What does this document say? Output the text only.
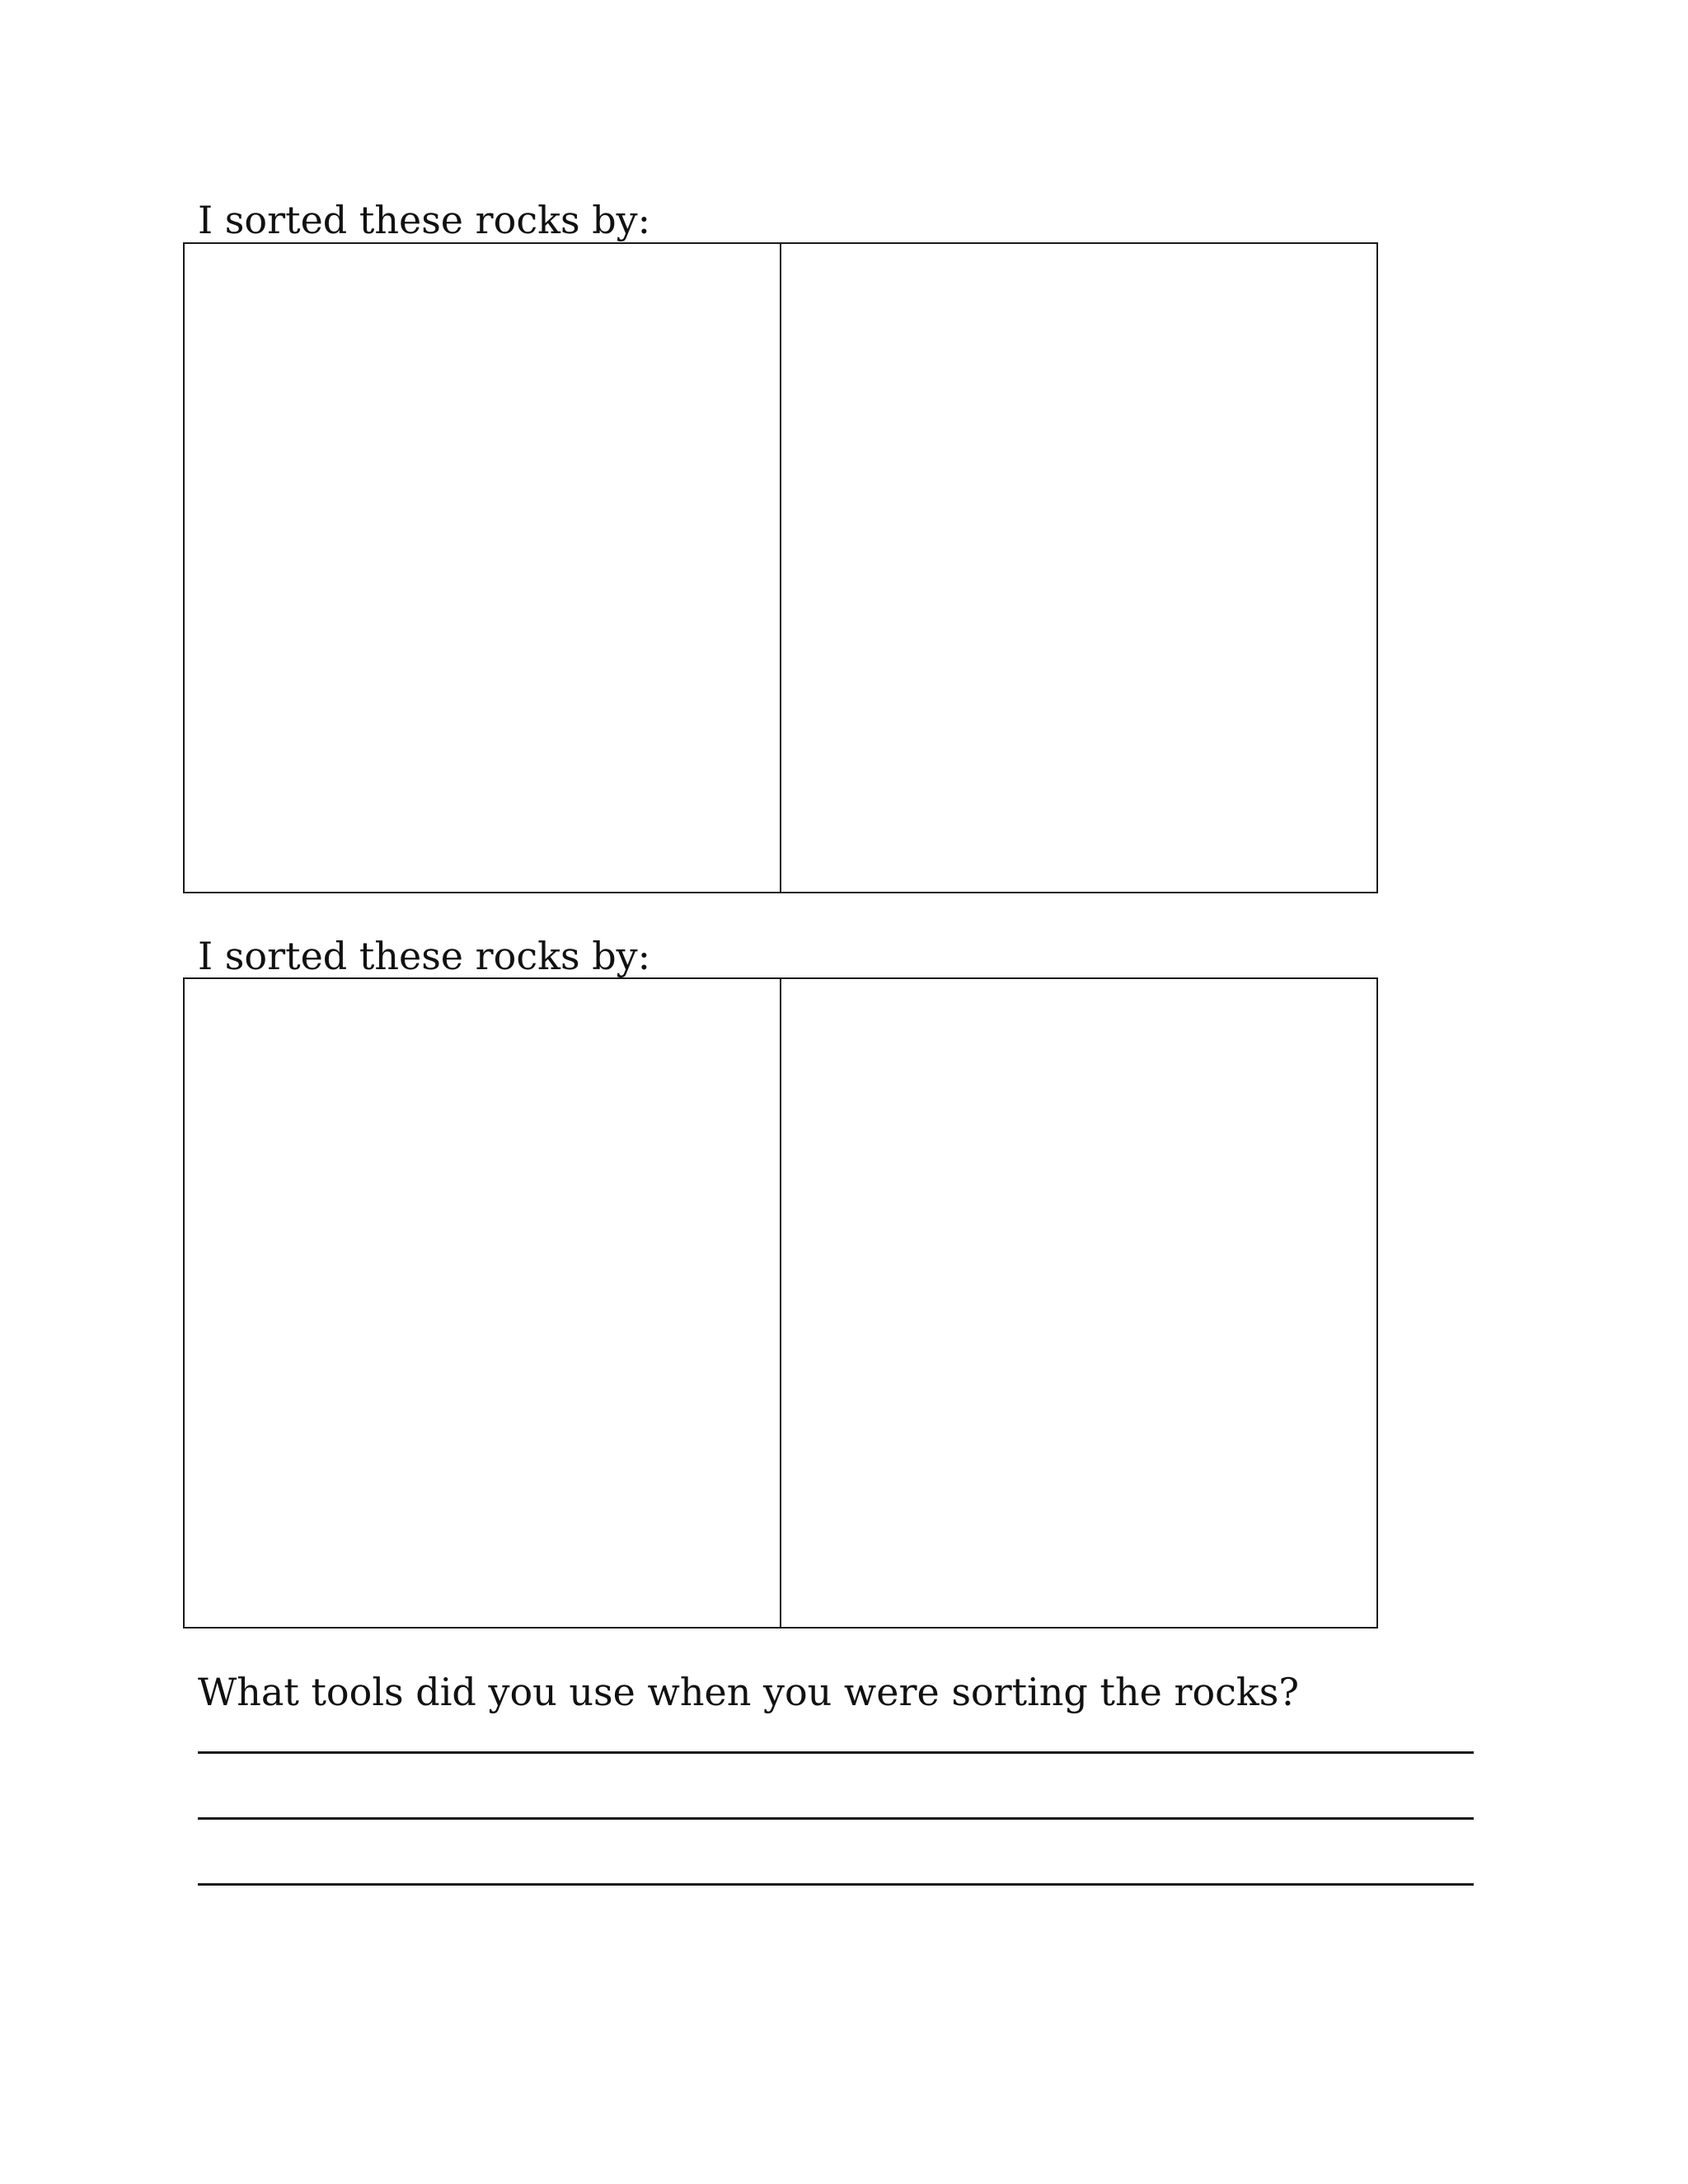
I sorted these rocks by:
I sorted these rocks by:
What tools did you use when you were sorting the rocks?
